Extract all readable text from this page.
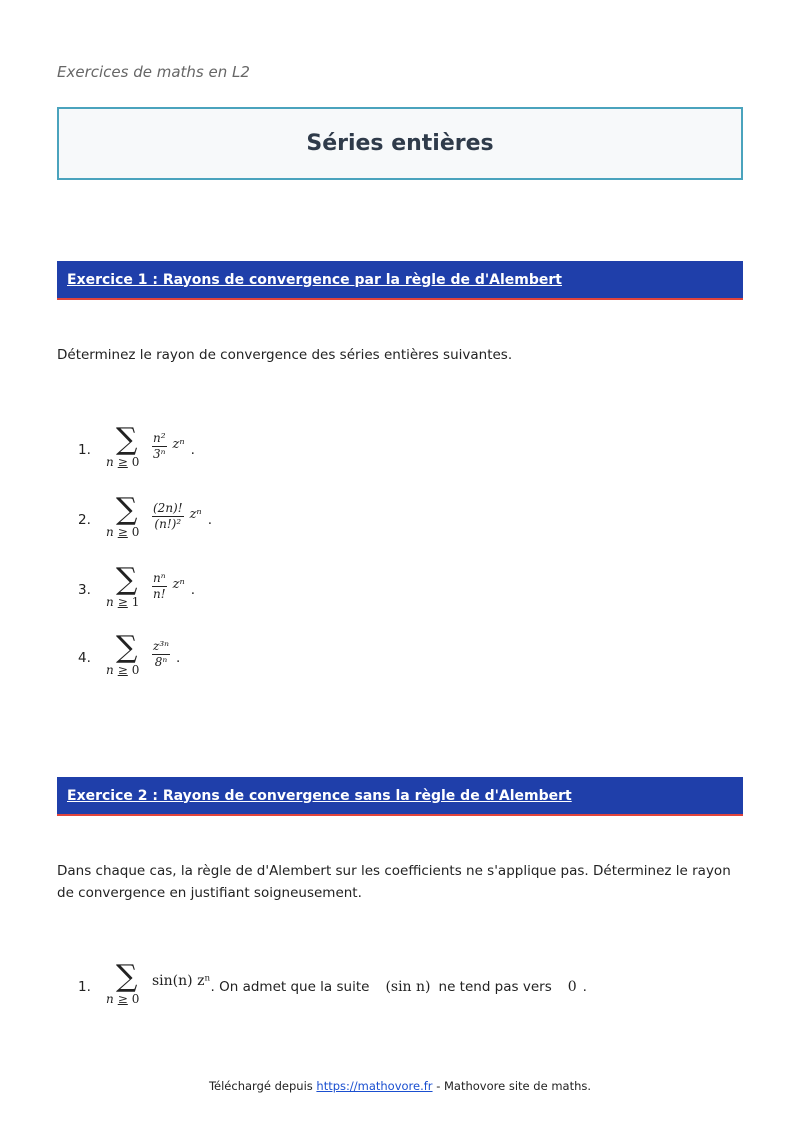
Exercices de maths en L2
Séries entières
Exercice 1 : Rayons de convergence par la règle de d'Alembert
Déterminez le rayon de convergence des séries entières suivantes.
1. ∑
n ≥ 0
$\frac{\text{n²}}{\text{3ⁿ}}$ zⁿ .
2. ∑
n ≥ 0
$\frac{(2n)!}{\text{(n!)²}}$ zⁿ .
3. ∑
n ≥ 1
$\frac{\text{nⁿ}}{n!}$ zⁿ .
4. ∑
n ≥ 0
$\frac{\text{z³ⁿ}}{\text{8ⁿ}}$ .
Exercice 2 : Rayons de convergence sans la règle de d'Alembert
Dans chaque cas, la règle de d'Alembert sur les coefficients ne s'applique pas. Déterminez le rayon de convergence en justifiant soigneusement.
1. ∑
n ≥ 0
sin(n) zⁿ . On admet que la suite (sin n) ne tend pas vers 0 .
Téléchargé depuis https://mathovore.fr - Mathovore site de maths.
